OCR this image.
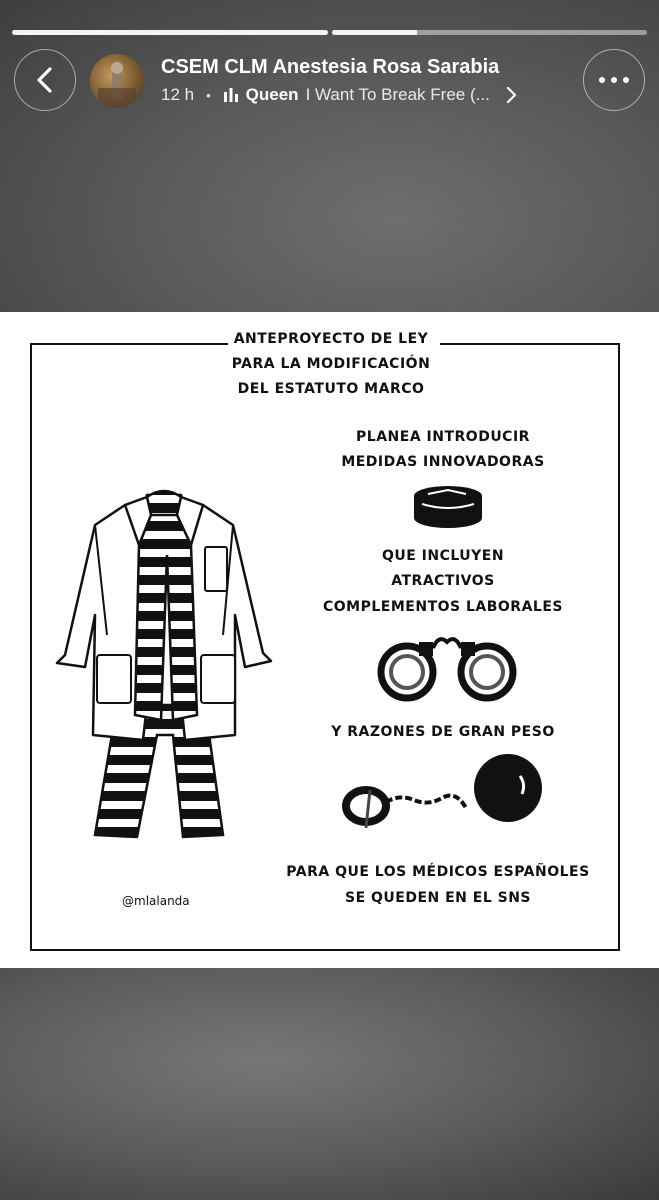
CSEM CLM Anestesia Rosa Sarabia
12 h • Queen I Want To Break Free (...
ANTEPROYECTO DE LEY
PARA LA MODIFICACIÓN
DEL ESTATUTO MARCO
PLANEA INTRODUCIR
MEDIDAS INNOVADORAS
QUE INCLUYEN
ATRACTIVOS
COMPLEMENTOS LABORALES
Y RAZONES DE GRAN PESO
PARA QUE LOS MÉDICOS ESPAÑOLES
SE QUEDEN EN EL SNS
@mlalanda
